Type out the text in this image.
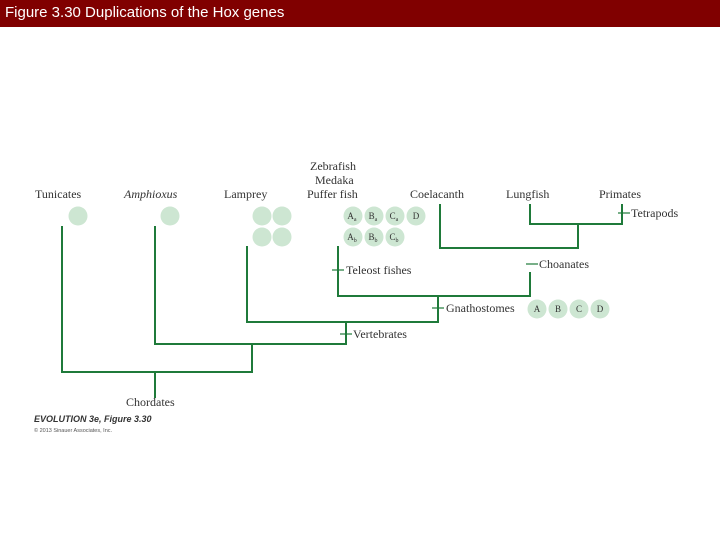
Figure 3.30 Duplications of the Hox genes
Tunicates	Amphioxus	Lamprey
Zebrafish
Medaka
Puffer fish	Coelacanth	Lungfish	Primates
Tetrapods
Choanates
Teleost fishes
Gnathostomes
Vertebrates
Chordates
$A_a$ $B_a$ $C_a$ D
$A_b$ $B_b$ $C_b$
A B C D
EVOLUTION 3e, Figure 3.30
© 2013 Sinauer Associates, Inc.
